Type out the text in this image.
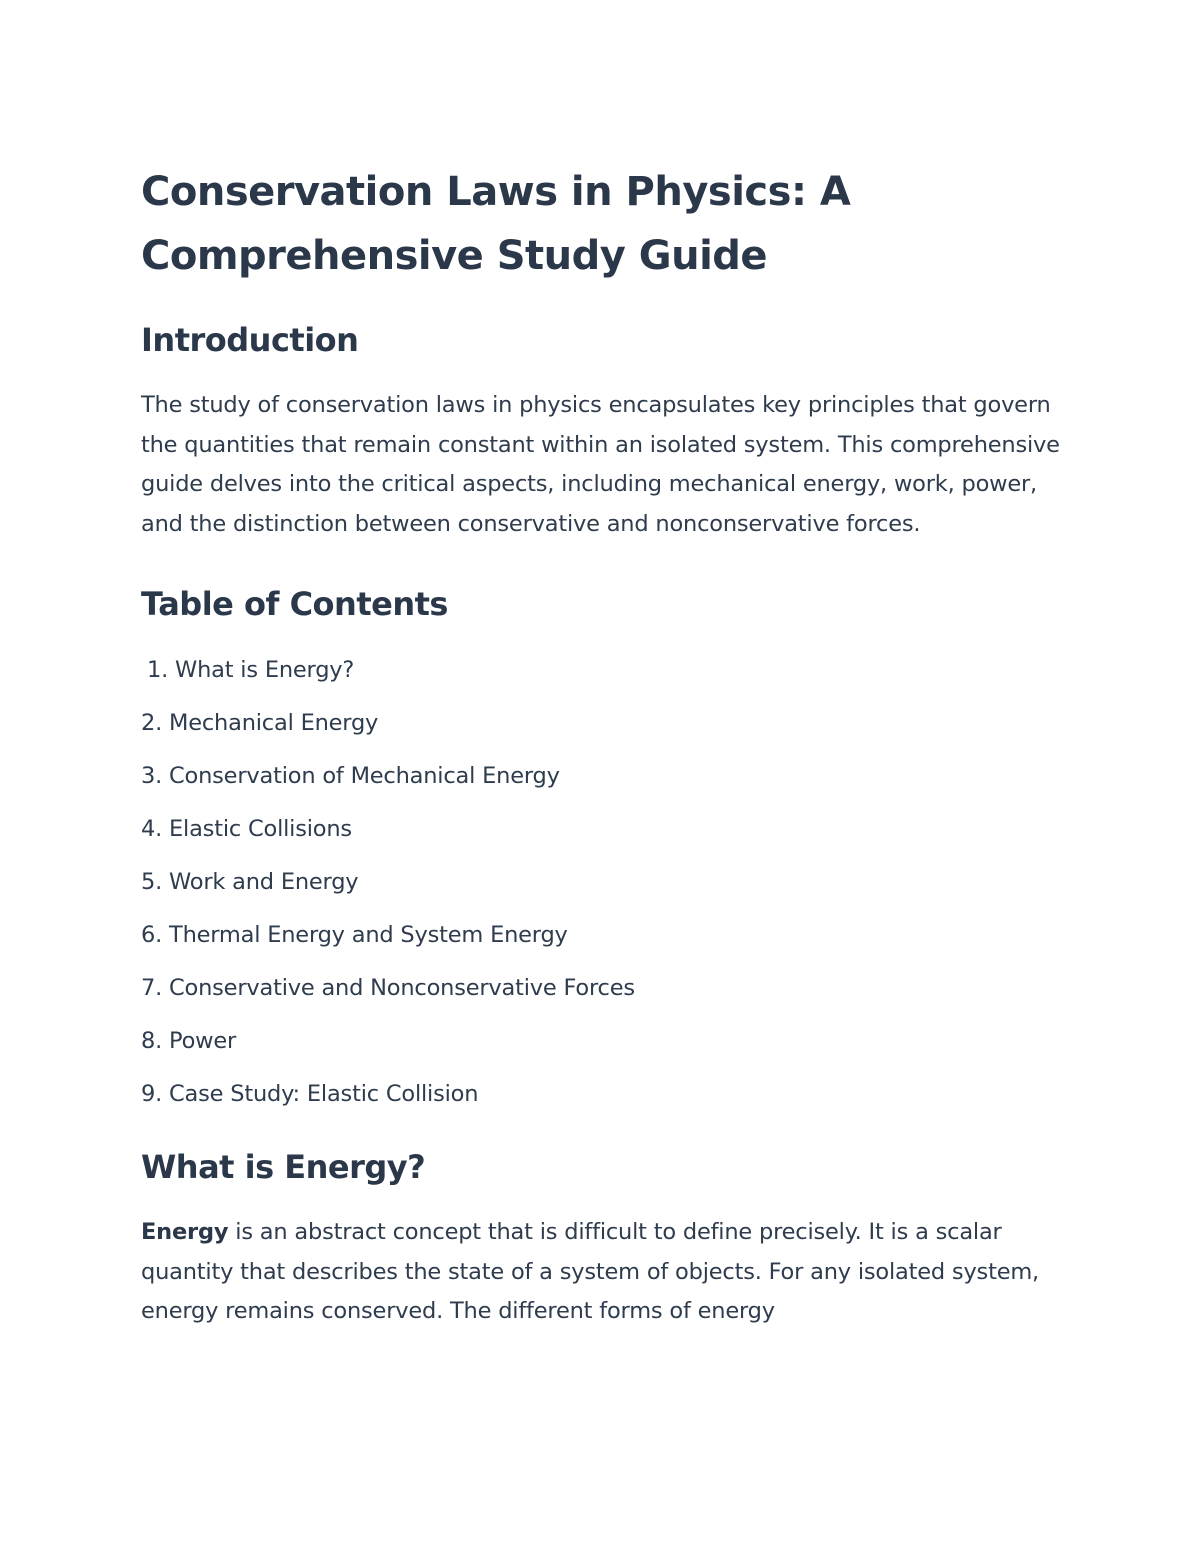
Conservation Laws in Physics: A Comprehensive Study Guide
Introduction

The study of conservation laws in physics encapsulates key principles that govern the quantities that remain constant within an isolated system. This comprehensive guide delves into the critical aspects, including mechanical energy, work, power, and the distinction between conservative and nonconservative forces.

Table of Contents
1. What is Energy?
2. Mechanical Energy
3. Conservation of Mechanical Energy
4. Elastic Collisions
5. Work and Energy
6. Thermal Energy and System Energy
7. Conservative and Nonconservative Forces
8. Power
9. Case Study: Elastic Collision
What is Energy?

Energy is an abstract concept that is difficult to define precisely. It is a scalar quantity that describes the state of a system of objects. For any isolated system, energy remains conserved. The different forms of energy
